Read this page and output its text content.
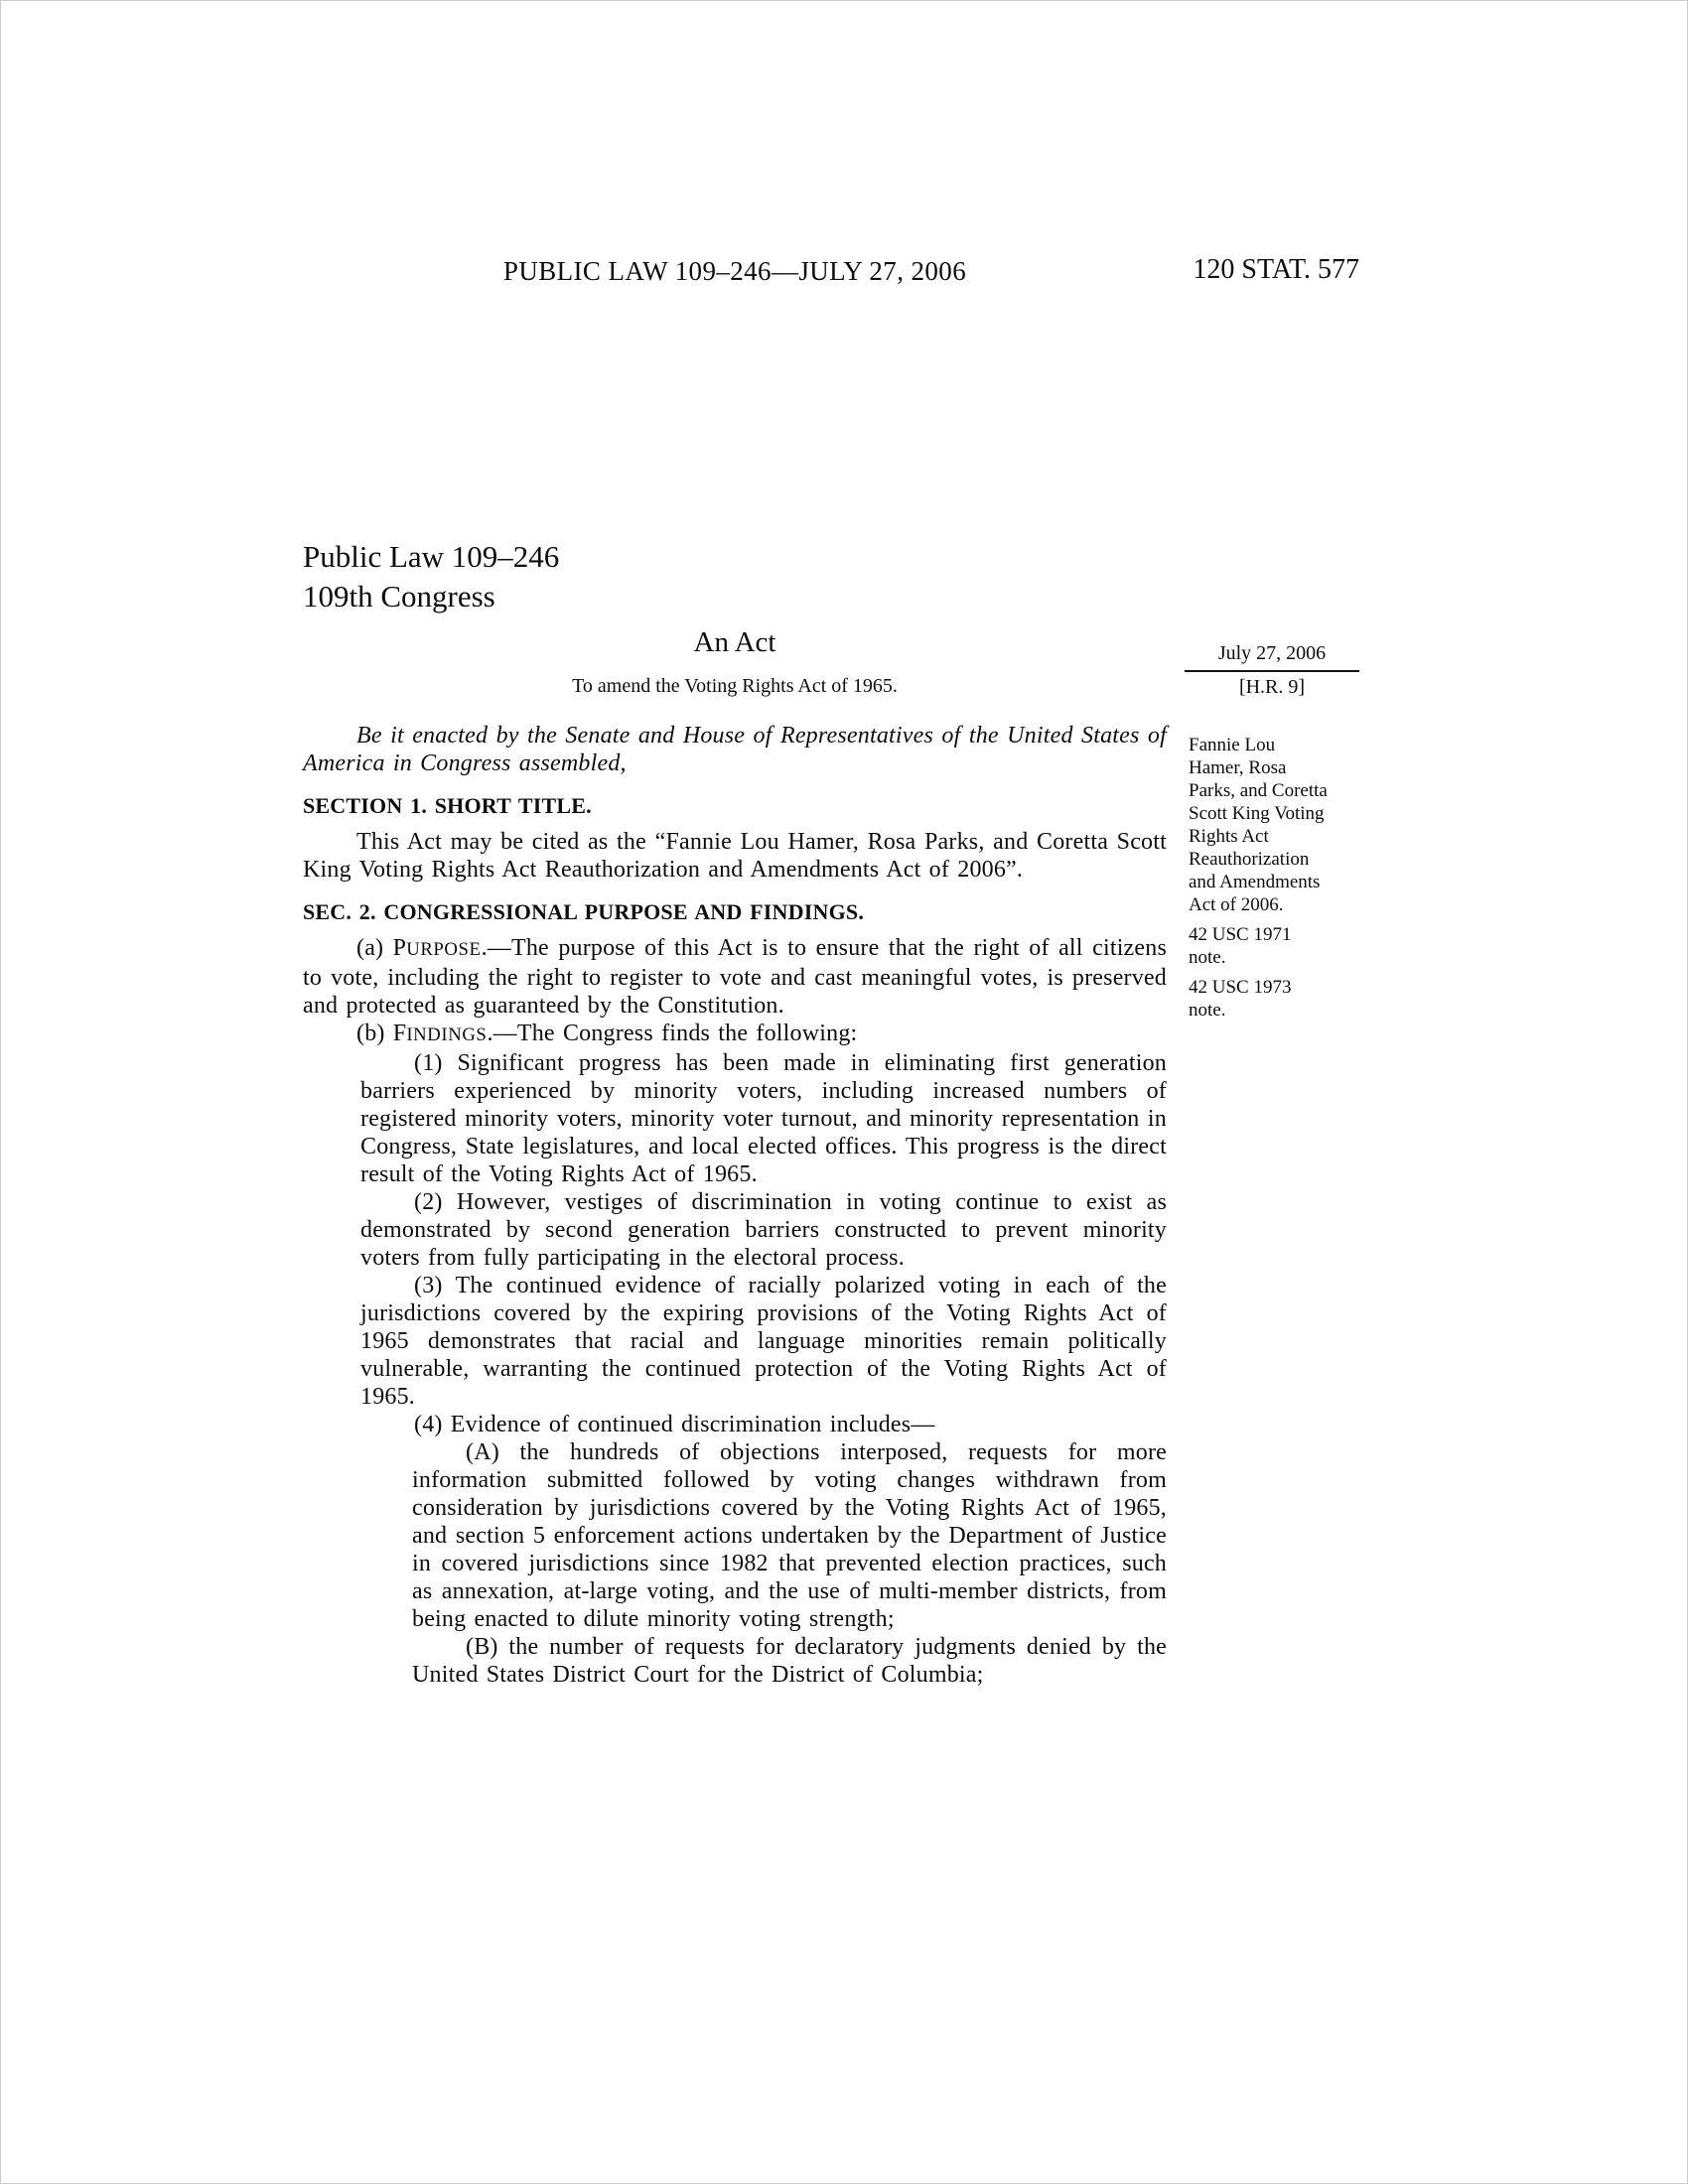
PUBLIC LAW 109–246—JULY 27, 2006	120 STAT. 577
July 27, 2006
[H.R. 9]

Fannie Lou Hamer, Rosa Parks, and Coretta Scott King Voting Rights Act Reauthorization and Amendments Act of 2006.

42 USC 1971 note.

42 USC 1973 note.

Public Law 109–246
109th Congress
An Act
To amend the Voting Rights Act of 1965.

Be it enacted by the Senate and House of Representatives of the United States of America in Congress assembled,

SECTION 1. SHORT TITLE.

This Act may be cited as the “Fannie Lou Hamer, Rosa Parks, and Coretta Scott King Voting Rights Act Reauthorization and Amendments Act of 2006”.

SEC. 2. CONGRESSIONAL PURPOSE AND FINDINGS.

(a) PURPOSE.—The purpose of this Act is to ensure that the right of all citizens to vote, including the right to register to vote and cast meaningful votes, is preserved and protected as guaranteed by the Constitution.

(b) FINDINGS.—The Congress finds the following:

(1) Significant progress has been made in eliminating first generation barriers experienced by minority voters, including increased numbers of registered minority voters, minority voter turnout, and minority representation in Congress, State legislatures, and local elected offices. This progress is the direct result of the Voting Rights Act of 1965.

(2) However, vestiges of discrimination in voting continue to exist as demonstrated by second generation barriers constructed to prevent minority voters from fully participating in the electoral process.

(3) The continued evidence of racially polarized voting in each of the jurisdictions covered by the expiring provisions of the Voting Rights Act of 1965 demonstrates that racial and language minorities remain politically vulnerable, warranting the continued protection of the Voting Rights Act of 1965.

(4) Evidence of continued discrimination includes—

(A) the hundreds of objections interposed, requests for more information submitted followed by voting changes withdrawn from consideration by jurisdictions covered by the Voting Rights Act of 1965, and section 5 enforcement actions undertaken by the Department of Justice in covered jurisdictions since 1982 that prevented election practices, such as annexation, at-large voting, and the use of multi-member districts, from being enacted to dilute minority voting strength;

(B) the number of requests for declaratory judgments denied by the United States District Court for the District of Columbia;
